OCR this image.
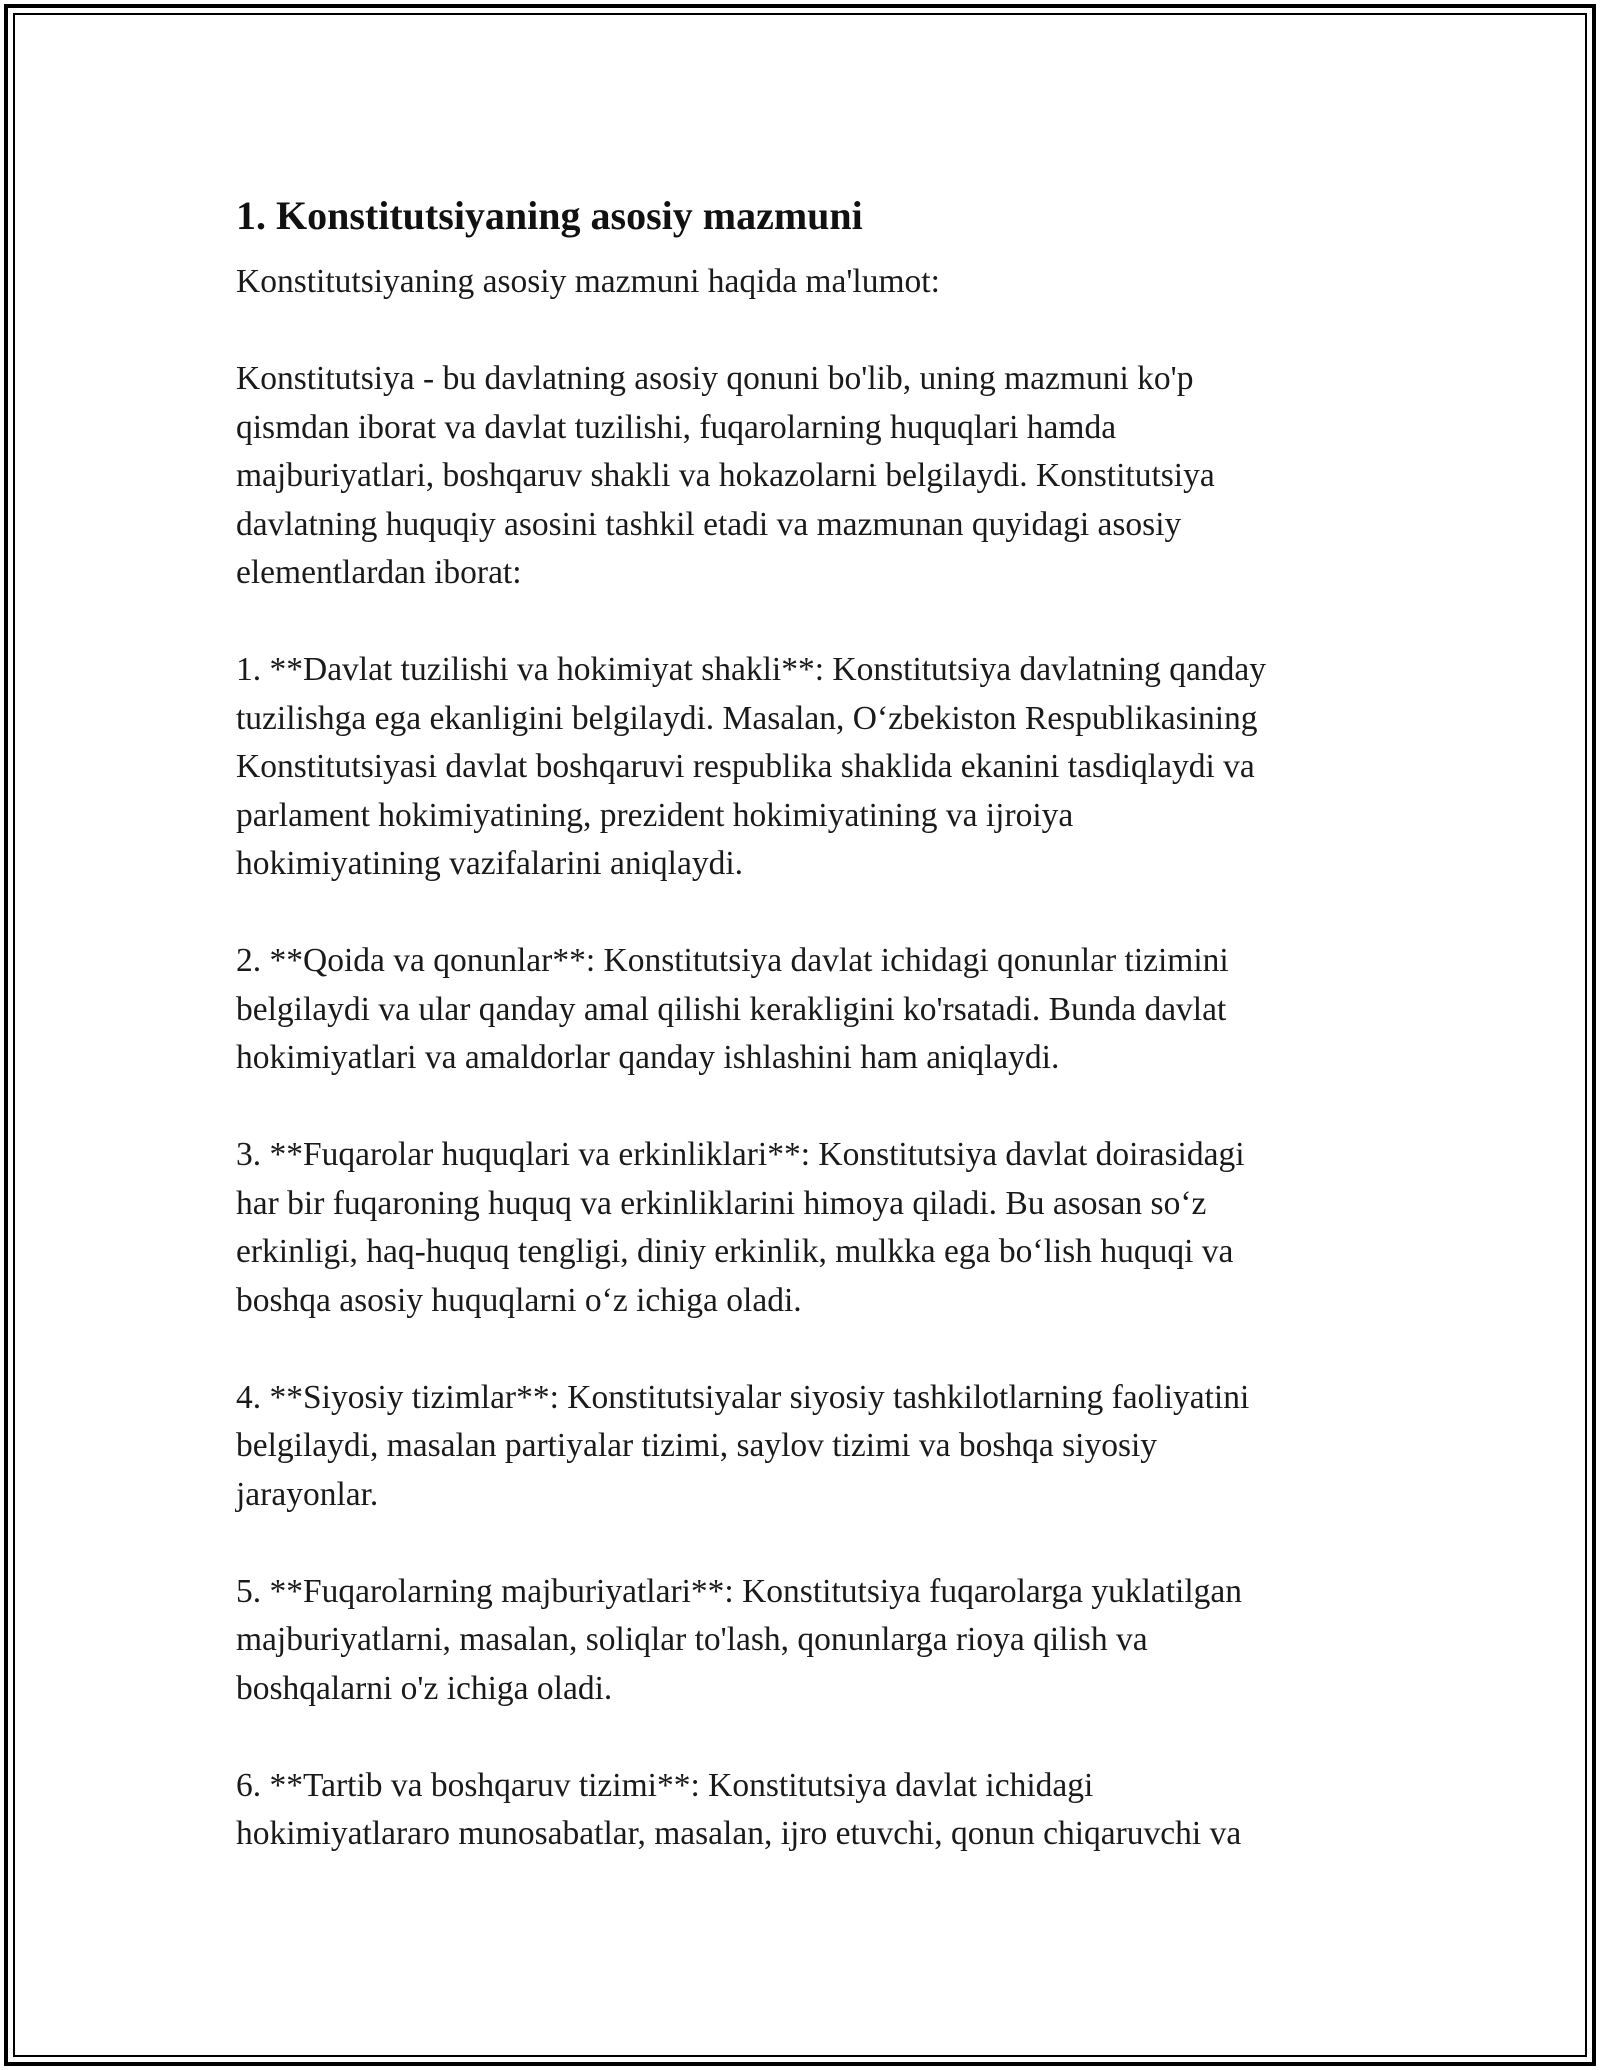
1. Konstitutsiyaning asosiy mazmuni

Konstitutsiyaning asosiy mazmuni haqida ma'lumot:

Konstitutsiya - bu davlatning asosiy qonuni bo'lib, uning mazmuni ko'p
qismdan iborat va davlat tuzilishi, fuqarolarning huquqlari hamda
majburiyatlari, boshqaruv shakli va hokazolarni belgilaydi. Konstitutsiya
davlatning huquqiy asosini tashkil etadi va mazmunan quyidagi asosiy
elementlardan iborat:

1. **Davlat tuzilishi va hokimiyat shakli**: Konstitutsiya davlatning qanday
tuzilishga ega ekanligini belgilaydi. Masalan, O‘zbekiston Respublikasining
Konstitutsiyasi davlat boshqaruvi respublika shaklida ekanini tasdiqlaydi va
parlament hokimiyatining, prezident hokimiyatining va ijroiya
hokimiyatining vazifalarini aniqlaydi.

2. **Qoida va qonunlar**: Konstitutsiya davlat ichidagi qonunlar tizimini
belgilaydi va ular qanday amal qilishi kerakligini ko'rsatadi. Bunda davlat
hokimiyatlari va amaldorlar qanday ishlashini ham aniqlaydi.

3. **Fuqarolar huquqlari va erkinliklari**: Konstitutsiya davlat doirasidagi
har bir fuqaroning huquq va erkinliklarini himoya qiladi. Bu asosan so‘z
erkinligi, haq-huquq tengligi, diniy erkinlik, mulkka ega bo‘lish huquqi va
boshqa asosiy huquqlarni o‘z ichiga oladi.

4. **Siyosiy tizimlar**: Konstitutsiyalar siyosiy tashkilotlarning faoliyatini
belgilaydi, masalan partiyalar tizimi, saylov tizimi va boshqa siyosiy
jarayonlar.

5. **Fuqarolarning majburiyatlari**: Konstitutsiya fuqarolarga yuklatilgan
majburiyatlarni, masalan, soliqlar to'lash, qonunlarga rioya qilish va
boshqalarni o'z ichiga oladi.

6. **Tartib va boshqaruv tizimi**: Konstitutsiya davlat ichidagi
hokimiyatlararo munosabatlar, masalan, ijro etuvchi, qonun chiqaruvchi va
